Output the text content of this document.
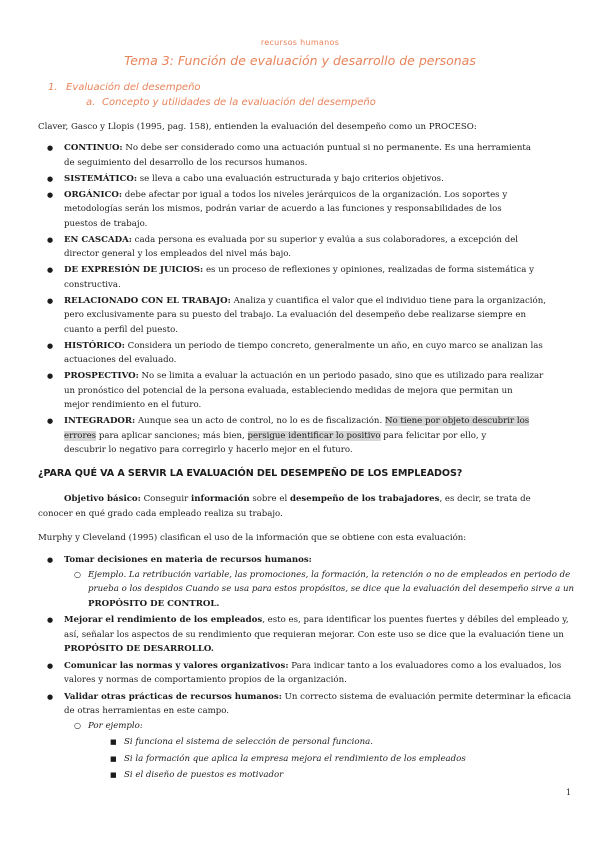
recursos humanos
Tema 3: Función de evaluación y desarrollo de personas
1. Evaluación del desempeño
a. Concepto y utilidades de la evaluación del desempeño
Claver, Gasco y Llopis (1995, pag. 158), entienden la evaluación del desempeño como un PROCESO:
● CONTINUO: No debe ser considerado como una actuación puntual si no permanente. Es una herramienta
de seguimiento del desarrollo de los recursos humanos.
● SISTEMÁTICO: se lleva a cabo una evaluación estructurada y bajo criterios objetivos.
● ORGÁNICO: debe afectar por igual a todos los niveles jerárquicos de la organización. Los soportes y
metodologías serán los mismos, podrán variar de acuerdo a las funciones y responsabilidades de los
puestos de trabajo.
● EN CASCADA: cada persona es evaluada por su superior y evalúa a sus colaboradores, a excepción del
director general y los empleados del nivel más bajo.
● DE EXPRESIÓN DE JUICIOS: es un proceso de reflexiones y opiniones, realizadas de forma sistemática y
constructiva.
● RELACIONADO CON EL TRABAJO: Analiza y cuantifica el valor que el individuo tiene para la organización,
pero exclusivamente para su puesto del trabajo. La evaluación del desempeño debe realizarse siempre en
cuanto a perfil del puesto.
● HISTÓRICO: Considera un periodo de tiempo concreto, generalmente un año, en cuyo marco se analizan las
actuaciones del evaluado.
● PROSPECTIVO: No se limita a evaluar la actuación en un periodo pasado, sino que es utilizado para realizar
un pronóstico del potencial de la persona evaluada, estableciendo medidas de mejora que permitan un
mejor rendimiento en el futuro.
● INTEGRADOR: Aunque sea un acto de control, no lo es de fiscalización. No tiene por objeto descubrir los
errores para aplicar sanciones; más bien, persigue identificar lo positivo para felicitar por ello, y
descubrir lo negativo para corregirlo y hacerlo mejor en el futuro.
¿PARA QUÉ VA A SERVIR LA EVALUACIÓN DEL DESEMPEÑO DE LOS EMPLEADOS?
Objetivo básico: Conseguir información sobre el desempeño de los trabajadores, es decir, se trata de conocer en qué grado cada empleado realiza su trabajo.
Murphy y Cleveland (1995) clasifican el uso de la información que se obtiene con esta evaluación:
● Tomar decisiones en materia de recursos humanos:
○ Ejemplo. La retribución variable, las promociones, la formación, la retención o no de empleados en periodo de prueba o los despidos Cuando se usa para estos propósitos, se dice que la evaluación del desempeño sirve a un PROPÓSITO DE CONTROL.
● Mejorar el rendimiento de los empleados, esto es, para identificar los puentes fuertes y débiles del empleado y, así, señalar los aspectos de su rendimiento que requieran mejorar. Con este uso se dice que la evaluación tiene un PROPÓSITO DE DESARROLLO.
● Comunicar las normas y valores organizativos: Para indicar tanto a los evaluadores como a los evaluados, los valores y normas de comportamiento propios de la organización.
● Validar otras prácticas de recursos humanos: Un correcto sistema de evaluación permite determinar la eficacia de otras herramientas en este campo.
○ Por ejemplo:
■ Si funciona el sistema de selección de personal funciona.
■ Si la formación que aplica la empresa mejora el rendimiento de los empleados
■ Si el diseño de puestos es motivador
1
